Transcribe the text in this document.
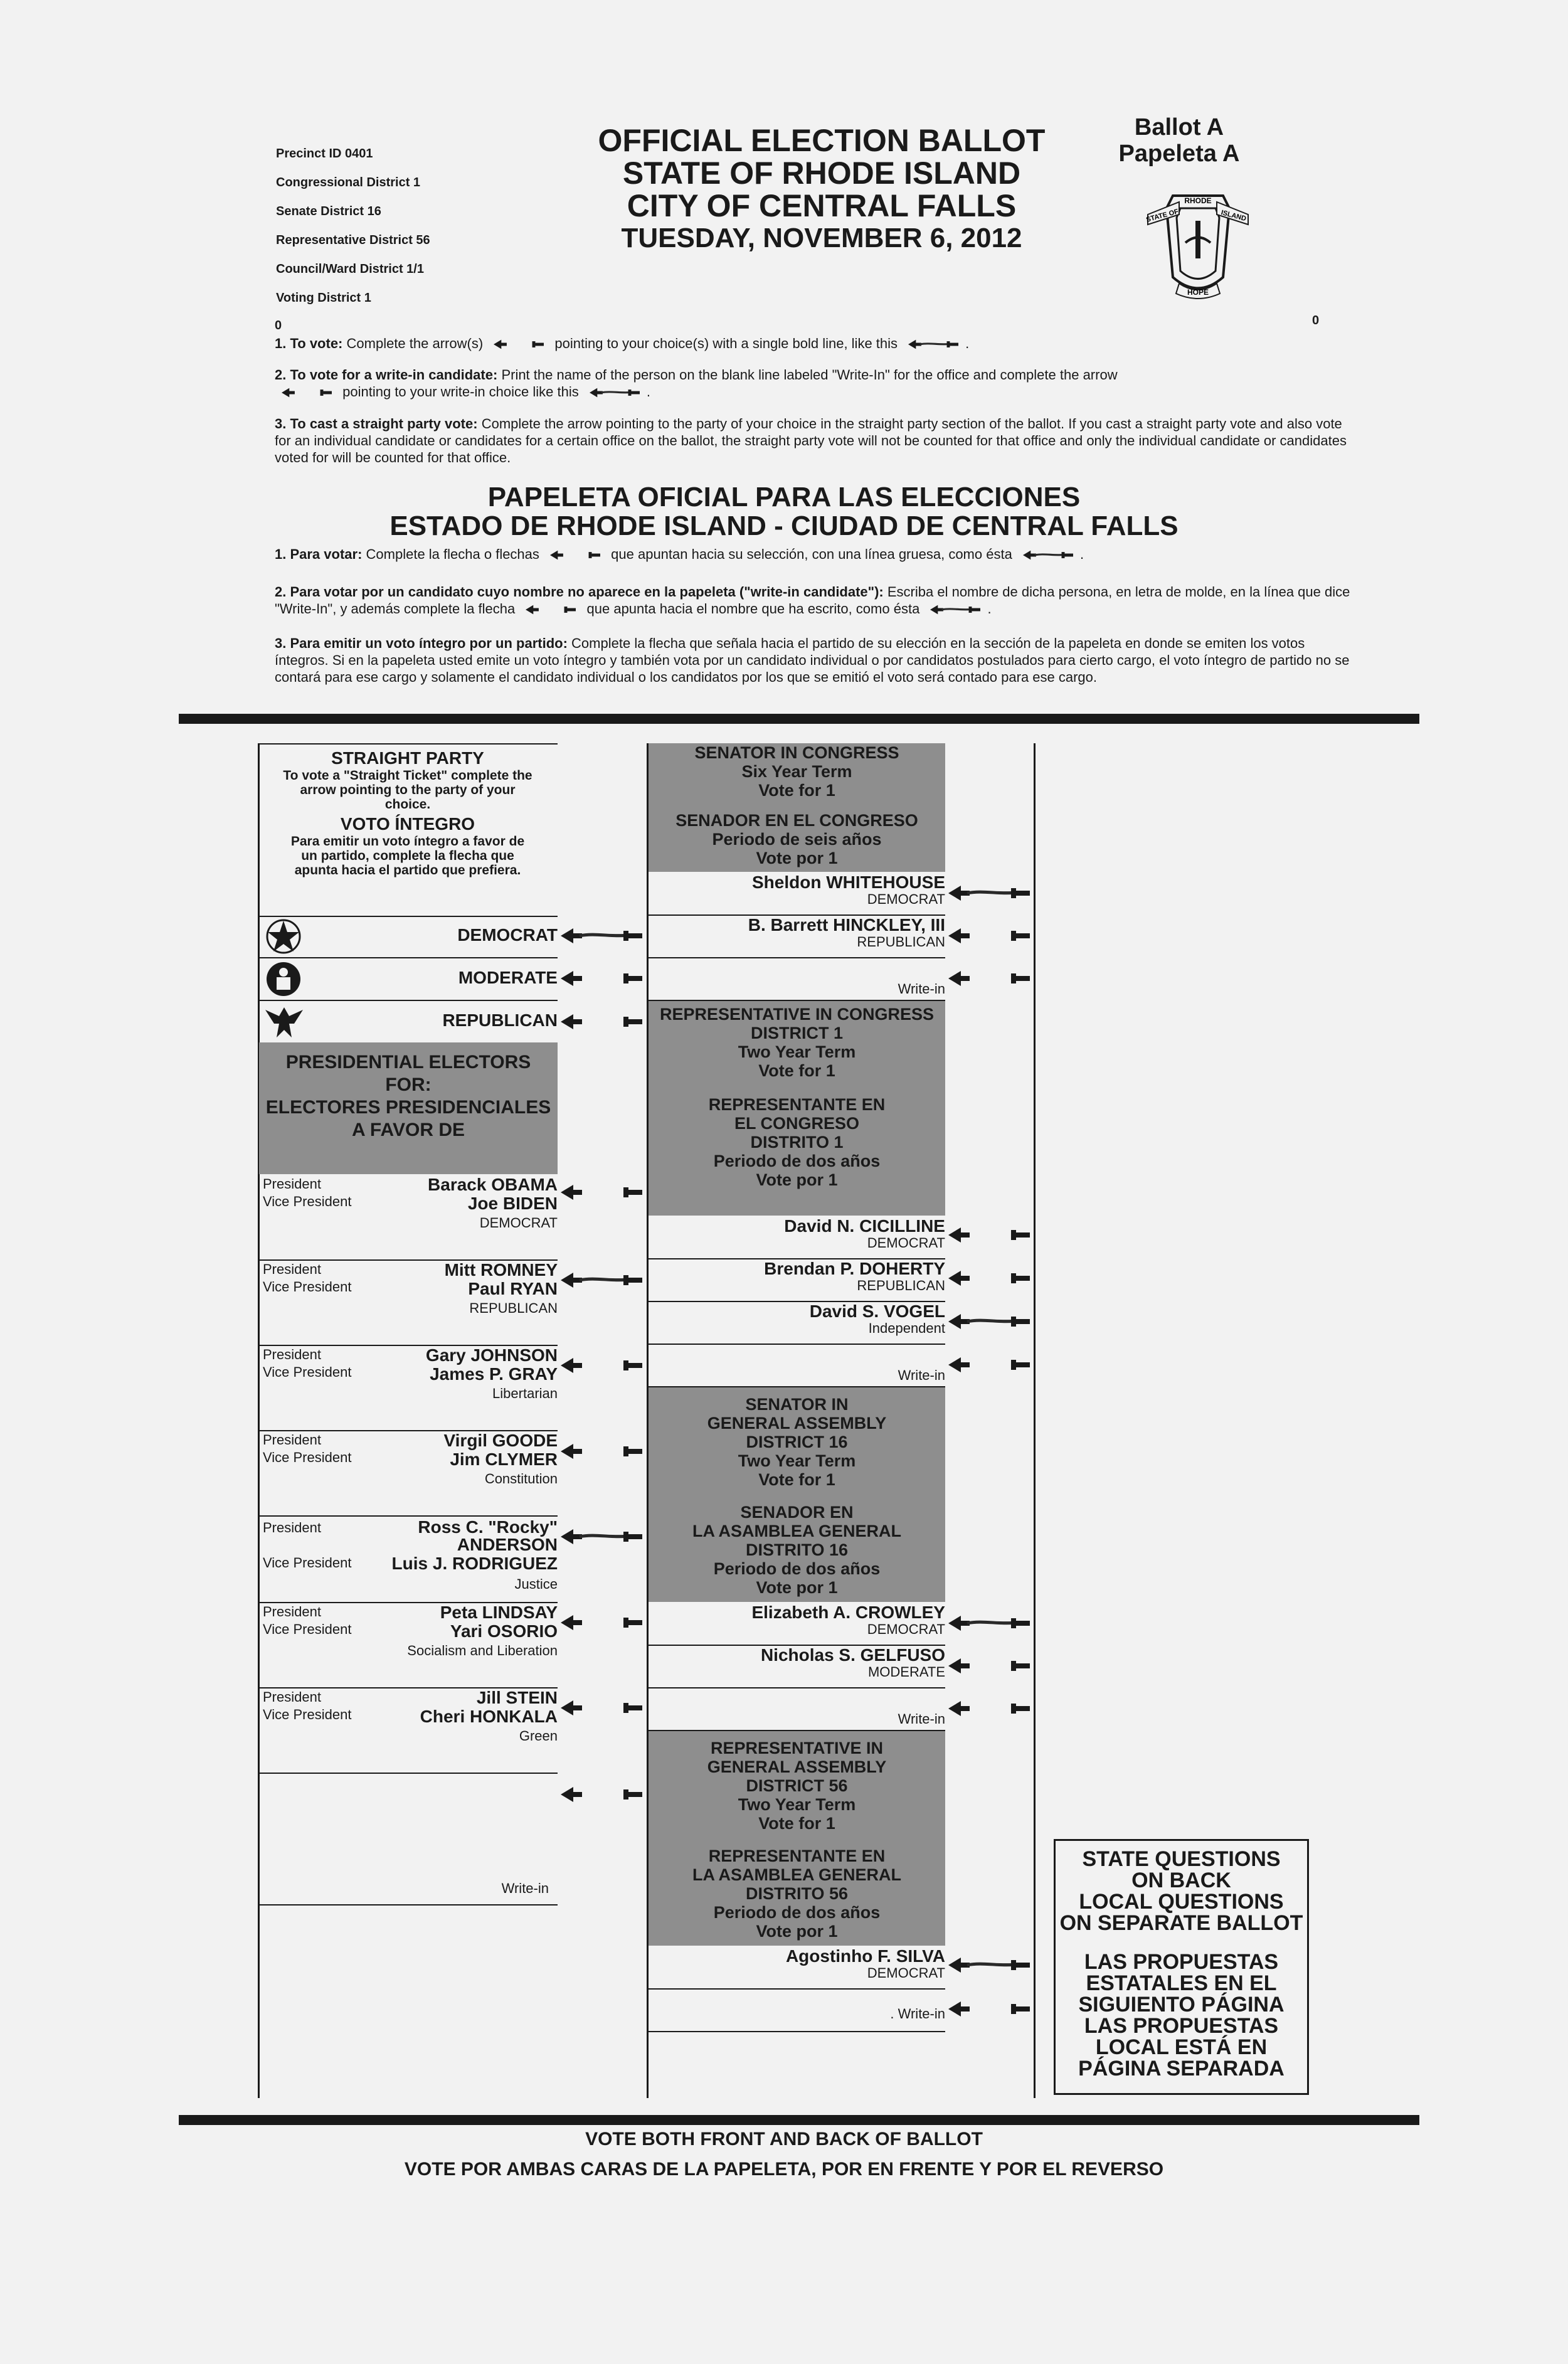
Precinct ID 0401
Congressional District 1
Senate District 16
Representative District 56
Council/Ward District 1/1
Voting District 1
OFFICIAL ELECTION BALLOT
STATE OF RHODE ISLAND
CITY OF CENTRAL FALLS
TUESDAY, NOVEMBER 6, 2012
Ballot A
Papeleta A
RHODE
STATE OF	ISLAND
HOPE
0	0
1. To vote: Complete the arrow(s)	pointing to your choice(s) with a single bold line, like this	.
2. To vote for a write-in candidate: Print the name of the person on the blank line labeled "Write-In" for the office and complete the arrow
pointing to your write-in choice like this	.
3. To cast a straight party vote: Complete the arrow pointing to the party of your choice in the straight party section of the ballot. If you cast a straight party vote and also vote for an individual candidate or candidates for a certain office on the ballot, the straight party vote will not be counted for that office and only the individual candidate or candidates voted for will be counted for that office.
PAPELETA OFICIAL PARA LAS ELECCIONES
ESTADO DE RHODE ISLAND - CIUDAD DE CENTRAL FALLS
1. Para votar: Complete la flecha o flechas	que apuntan hacia su selección, con una línea gruesa, como ésta	.
2. Para votar por un candidato cuyo nombre no aparece en la papeleta ("write-in candidate"): Escriba el nombre de dicha persona, en letra de molde, en la línea que dice "Write-In", y además complete la flecha	que apunta hacia el nombre que ha escrito, como ésta	.
3. Para emitir un voto íntegro por un partido: Complete la flecha que señala hacia el partido de su elección en la sección de la papeleta en donde se emiten los votos íntegros. Si en la papeleta usted emite un voto íntegro y también vota por un candidato individual o por candidatos postulados para cierto cargo, el voto íntegro de partido no se contará para ese cargo y solamente el candidato individual o los candidatos por los que se emitió el voto será contado para ese cargo.
STRAIGHT PARTY
To vote a "Straight Ticket" complete the arrow pointing to the party of your choice.
VOTO ÍNTEGRO
Para emitir un voto íntegro a favor de un partido, complete la flecha que apunta hacia el partido que prefiera.
DEMOCRAT
MODERATE
REPUBLICAN
PRESIDENTIAL ELECTORS
FOR:
ELECTORES PRESIDENCIALES
A FAVOR DE
President
Vice President
Barack OBAMA
Joe BIDEN
DEMOCRAT
President
Vice President
Mitt ROMNEY
Paul RYAN
REPUBLICAN
President
Vice President
Gary JOHNSON
James P. GRAY
Libertarian
President
Vice President
Virgil GOODE
Jim CLYMER
Constitution
President
Vice President
Ross C. "Rocky"
ANDERSON
Luis J. RODRIGUEZ
Justice
President
Vice President
Peta LINDSAY
Yari OSORIO
Socialism and Liberation
President
Vice President
Jill STEIN
Cheri HONKALA
Green
Write-in
SENATOR IN CONGRESS
Six Year Term
Vote for 1
SENADOR EN EL CONGRESO
Periodo de seis años
Vote por 1
Sheldon WHITEHOUSE
DEMOCRAT
B. Barrett HINCKLEY, III
REPUBLICAN
Write-in
REPRESENTATIVE IN CONGRESS
DISTRICT 1
Two Year Term
Vote for 1
REPRESENTANTE EN
EL CONGRESO
DISTRITO 1
Periodo de dos años
Vote por 1
David N. CICILLINE
DEMOCRAT
Brendan P. DOHERTY
REPUBLICAN
David S. VOGEL
Independent
Write-in
SENATOR IN
GENERAL ASSEMBLY
DISTRICT 16
Two Year Term
Vote for 1
SENADOR EN
LA ASAMBLEA GENERAL
DISTRITO 16
Periodo de dos años
Vote por 1
Elizabeth A. CROWLEY
DEMOCRAT
Nicholas S. GELFUSO
MODERATE
Write-in
REPRESENTATIVE IN
GENERAL ASSEMBLY
DISTRICT 56
Two Year Term
Vote for 1
REPRESENTANTE EN
LA ASAMBLEA GENERAL
DISTRITO 56
Periodo de dos años
Vote por 1
Agostinho F. SILVA
DEMOCRAT
. Write-in
STATE QUESTIONS
ON BACK
LOCAL QUESTIONS
ON SEPARATE BALLOT
LAS PROPUESTAS
ESTATALES EN EL
SIGUIENTO PÁGINA
LAS PROPUESTAS
LOCAL ESTÁ EN
PÁGINA SEPARADA
VOTE BOTH FRONT AND BACK OF BALLOT
VOTE POR AMBAS CARAS DE LA PAPELETA, POR EN FRENTE Y POR EL REVERSO
